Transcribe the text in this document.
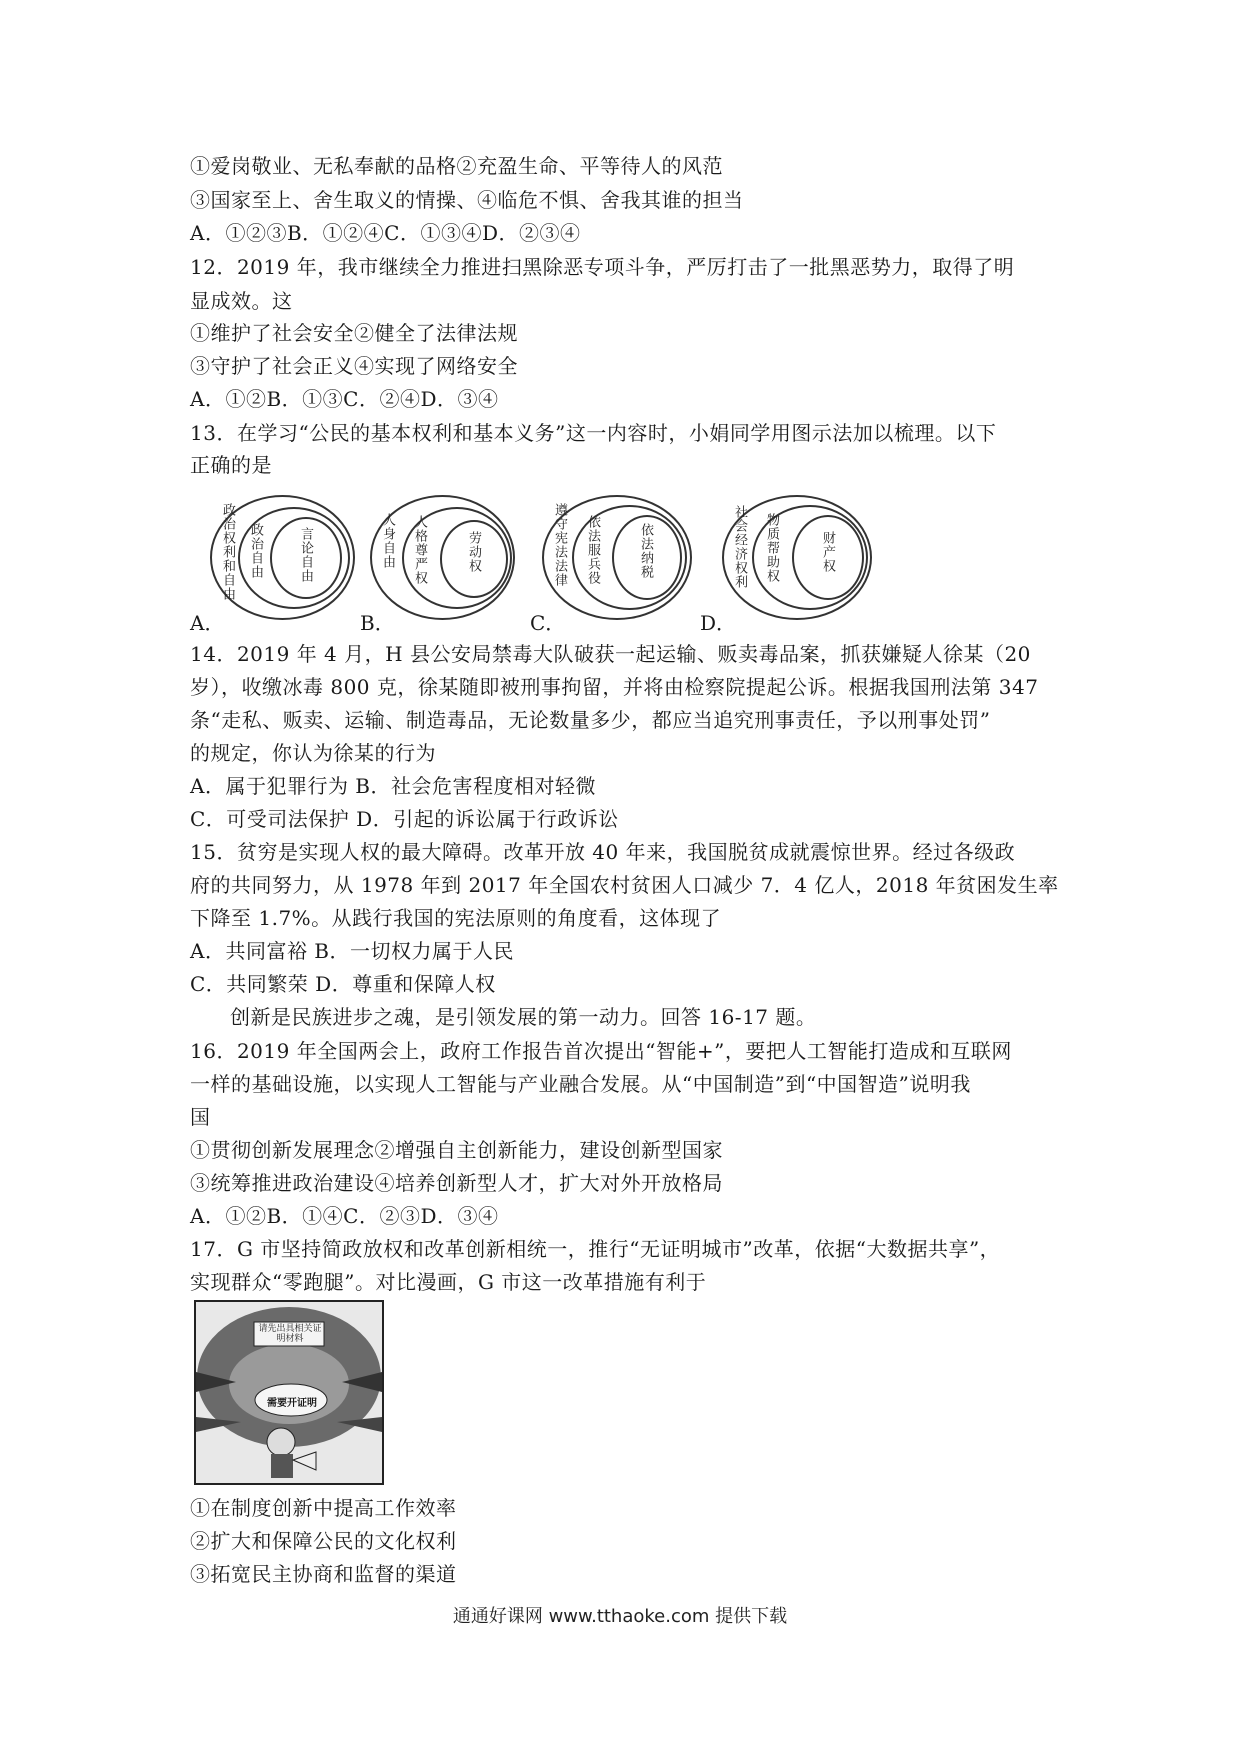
①爱岗敬业、无私奉献的品格②充盈生命、平等待人的风范
③国家至上、舍生取义的情操、④临危不惧、舍我其谁的担当
A．①②③B．①②④C．①③④D．②③④
12．2019 年，我市继续全力推进扫黑除恶专项斗争，严厉打击了一批黑恶势力，取得了明
显成效。这
①维护了社会安全②健全了法律法规
③守护了社会正义④实现了网络安全
A．①②B．①③C．②④D．③④
13．在学习“公民的基本权利和基本义务”这一内容时，小娟同学用图示法加以梳理。以下
正确的是
A．
政治权利和自由 政治自由	言论自由
B．
人身自由 人格尊严权	劳动权
C．
遵守宪法法律 依法服兵役	依法纳税
D．
社会经济权利 物质帮助权	财产权
14．2019 年 4 月，H 县公安局禁毒大队破获一起运输、贩卖毒品案，抓获嫌疑人徐某（20
岁），收缴冰毒 800 克，徐某随即被刑事拘留，并将由检察院提起公诉。根据我国刑法第 347
条“走私、贩卖、运输、制造毒品，无论数量多少，都应当追究刑事责任，予以刑事处罚”
的规定，你认为徐某的行为
A．属于犯罪行为 B．社会危害程度相对轻微
C．可受司法保护 D．引起的诉讼属于行政诉讼
15．贫穷是实现人权的最大障碍。改革开放 40 年来，我国脱贫成就震惊世界。经过各级政
府的共同努力，从 1978 年到 2017 年全国农村贫困人口减少 7．4 亿人，2018 年贫困发生率
下降至 1.7%。从践行我国的宪法原则的角度看，这体现了
A．共同富裕 B．一切权力属于人民
C．共同繁荣 D．尊重和保障人权
创新是民族进步之魂，是引领发展的第一动力。回答 16-17 题。
16．2019 年全国两会上，政府工作报告首次提出“智能+”，要把人工智能打造成和互联网
一样的基础设施，以实现人工智能与产业融合发展。从“中国制造”到“中国智造”说明我
国
①贯彻创新发展理念②增强自主创新能力，建设创新型国家
③统筹推进政治建设④培养创新型人才，扩大对外开放格局
A．①②B．①④C．②③D．③④
17．G 市坚持简政放权和改革创新相统一，推行“无证明城市”改革，依据“大数据共享”，
实现群众“零跑腿”。对比漫画，G 市这一改革措施有利于
请先出具相关证明材料
需要开证明
①在制度创新中提高工作效率
②扩大和保障公民的文化权利
③拓宽民主协商和监督的渠道
通通好课网 www.tthaoke.com 提供下载
